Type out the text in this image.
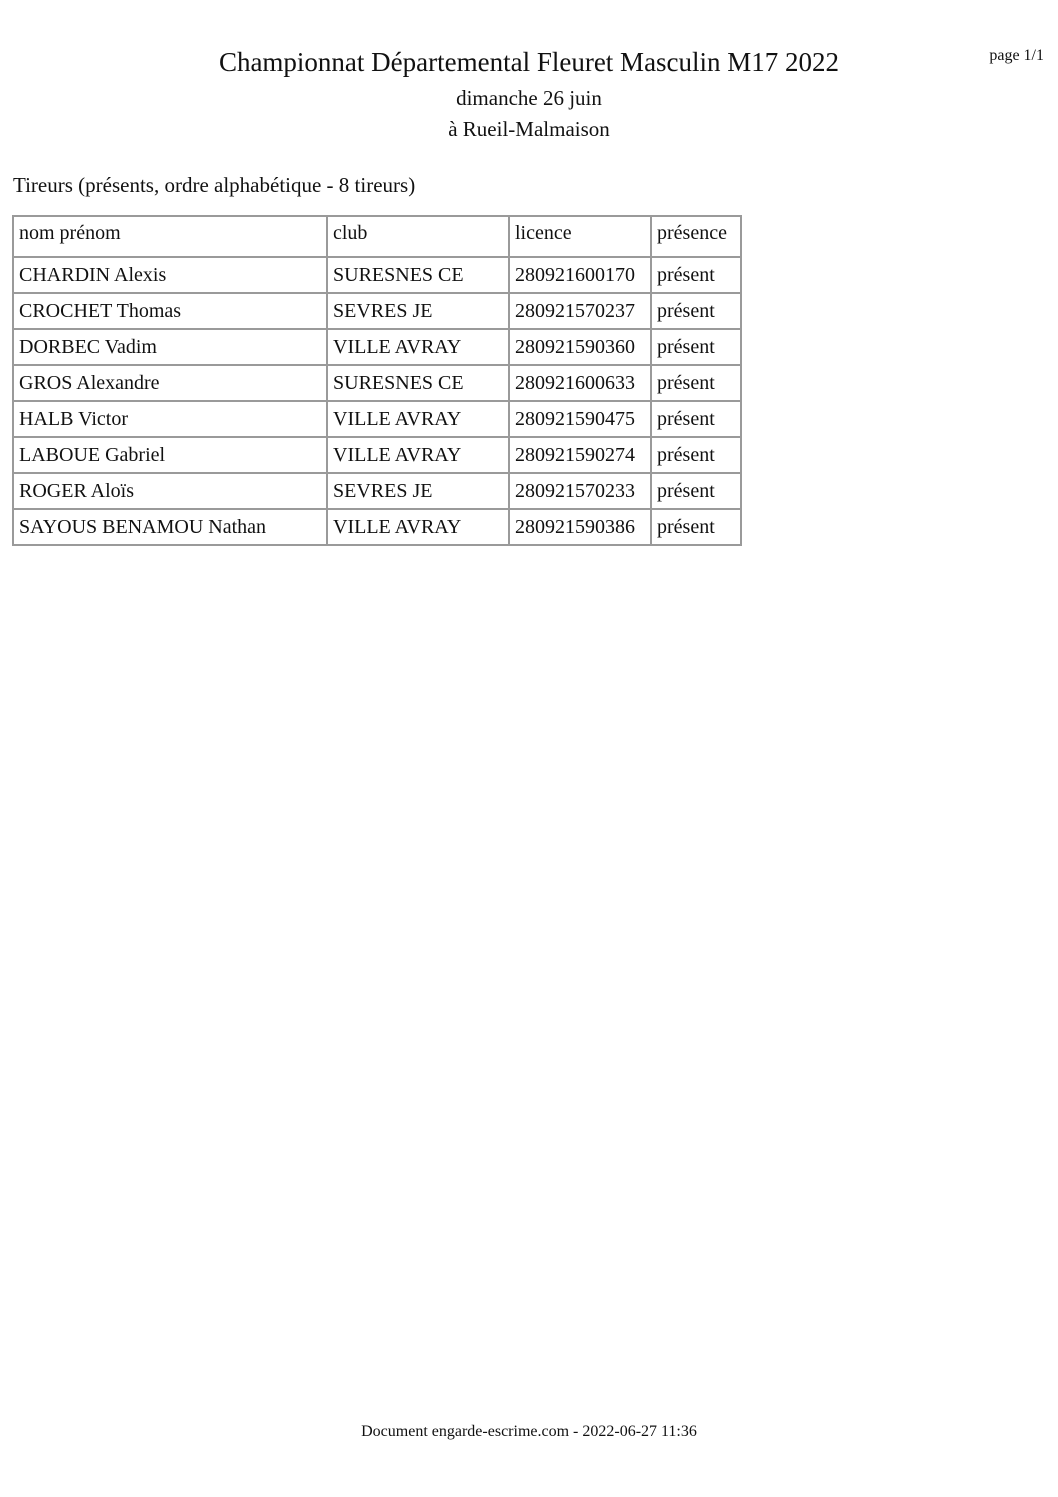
Championnat Départemental Fleuret Masculin M17 2022
dimanche 26 juin
à Rueil-Malmaison
page 1/1
Tireurs (présents, ordre alphabétique - 8 tireurs)
nom prénom	club	licence	présence
CHARDIN Alexis	SURESNES CE	280921600170	présent
CROCHET Thomas	SEVRES JE	280921570237	présent
DORBEC Vadim	VILLE AVRAY	280921590360	présent
GROS Alexandre	SURESNES CE	280921600633	présent
HALB Victor	VILLE AVRAY	280921590475	présent
LABOUE Gabriel	VILLE AVRAY	280921590274	présent
ROGER Aloïs	SEVRES JE	280921570233	présent
SAYOUS BENAMOU Nathan	VILLE AVRAY	280921590386	présent
Document engarde-escrime.com - 2022-06-27 11:36
